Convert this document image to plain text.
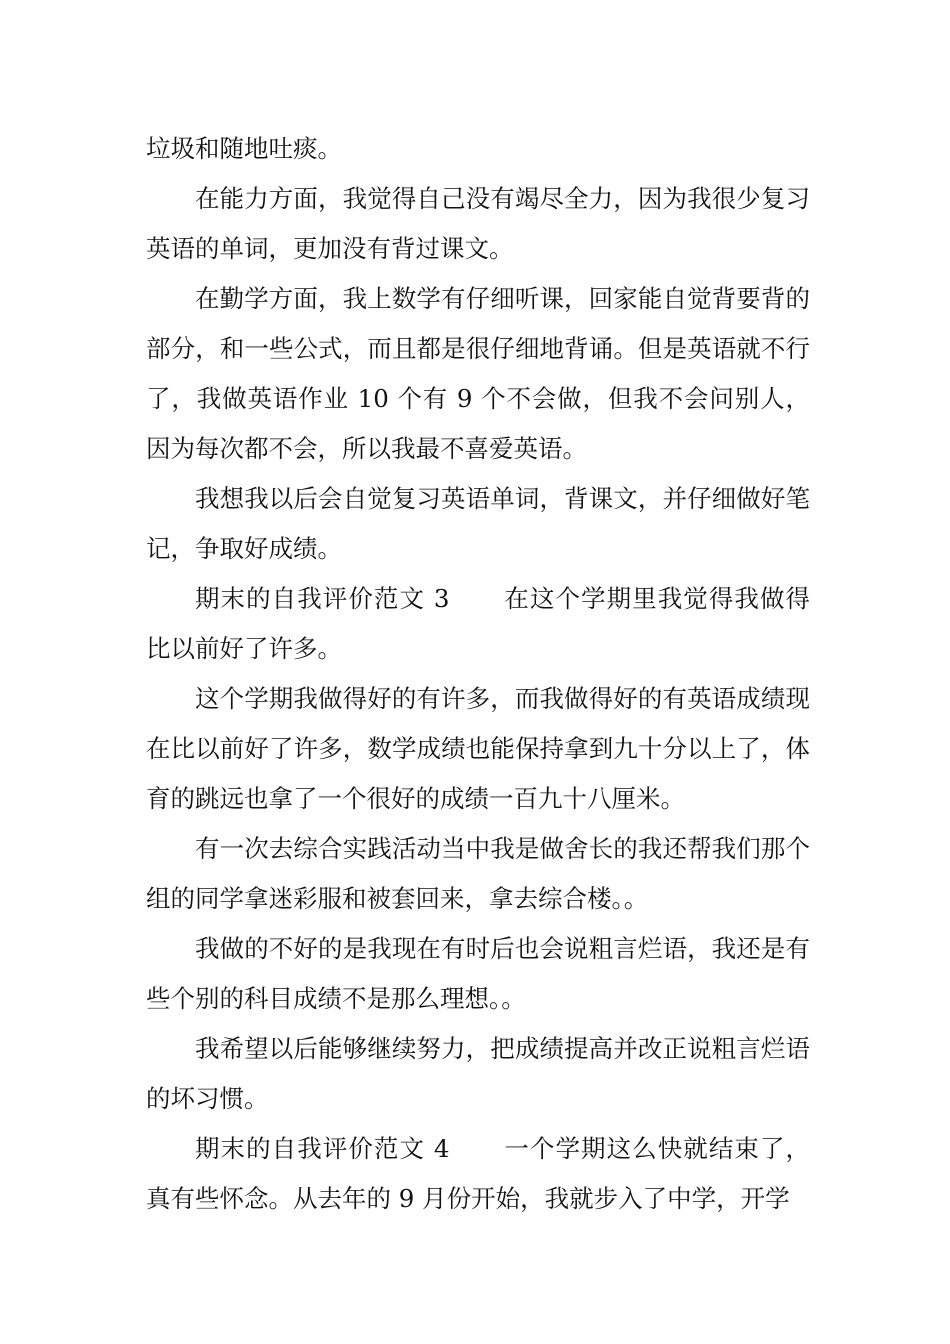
垃圾和随地吐痰。

在能力方面，我觉得自己没有竭尽全力，因为我很少复习英语的单词，更加没有背过课文。

在勤学方面，我上数学有仔细听课，回家能自觉背要背的部分，和一些公式，而且都是很仔细地背诵。但是英语就不行了，我做英语作业 10 个有 9 个不会做，但我不会问别人，因为每次都不会，所以我最不喜爱英语。

我想我以后会自觉复习英语单词，背课文，并仔细做好笔记，争取好成绩。

期末的自我评价范文 3 在这个学期里我觉得我做得比以前好了许多。

这个学期我做得好的有许多，而我做得好的有英语成绩现在比以前好了许多，数学成绩也能保持拿到九十分以上了，体育的跳远也拿了一个很好的成绩一百九十八厘米。

有一次去综合实践活动当中我是做舍长的我还帮我们那个组的同学拿迷彩服和被套回来，拿去综合楼。。

我做的不好的是我现在有时后也会说粗言烂语，我还是有些个别的科目成绩不是那么理想。。

我希望以后能够继续努力，把成绩提高并改正说粗言烂语的坏习惯。

期末的自我评价范文 4 一个学期这么快就结束了，真有些怀念。从去年的 9 月份开始，我就步入了中学，开学
